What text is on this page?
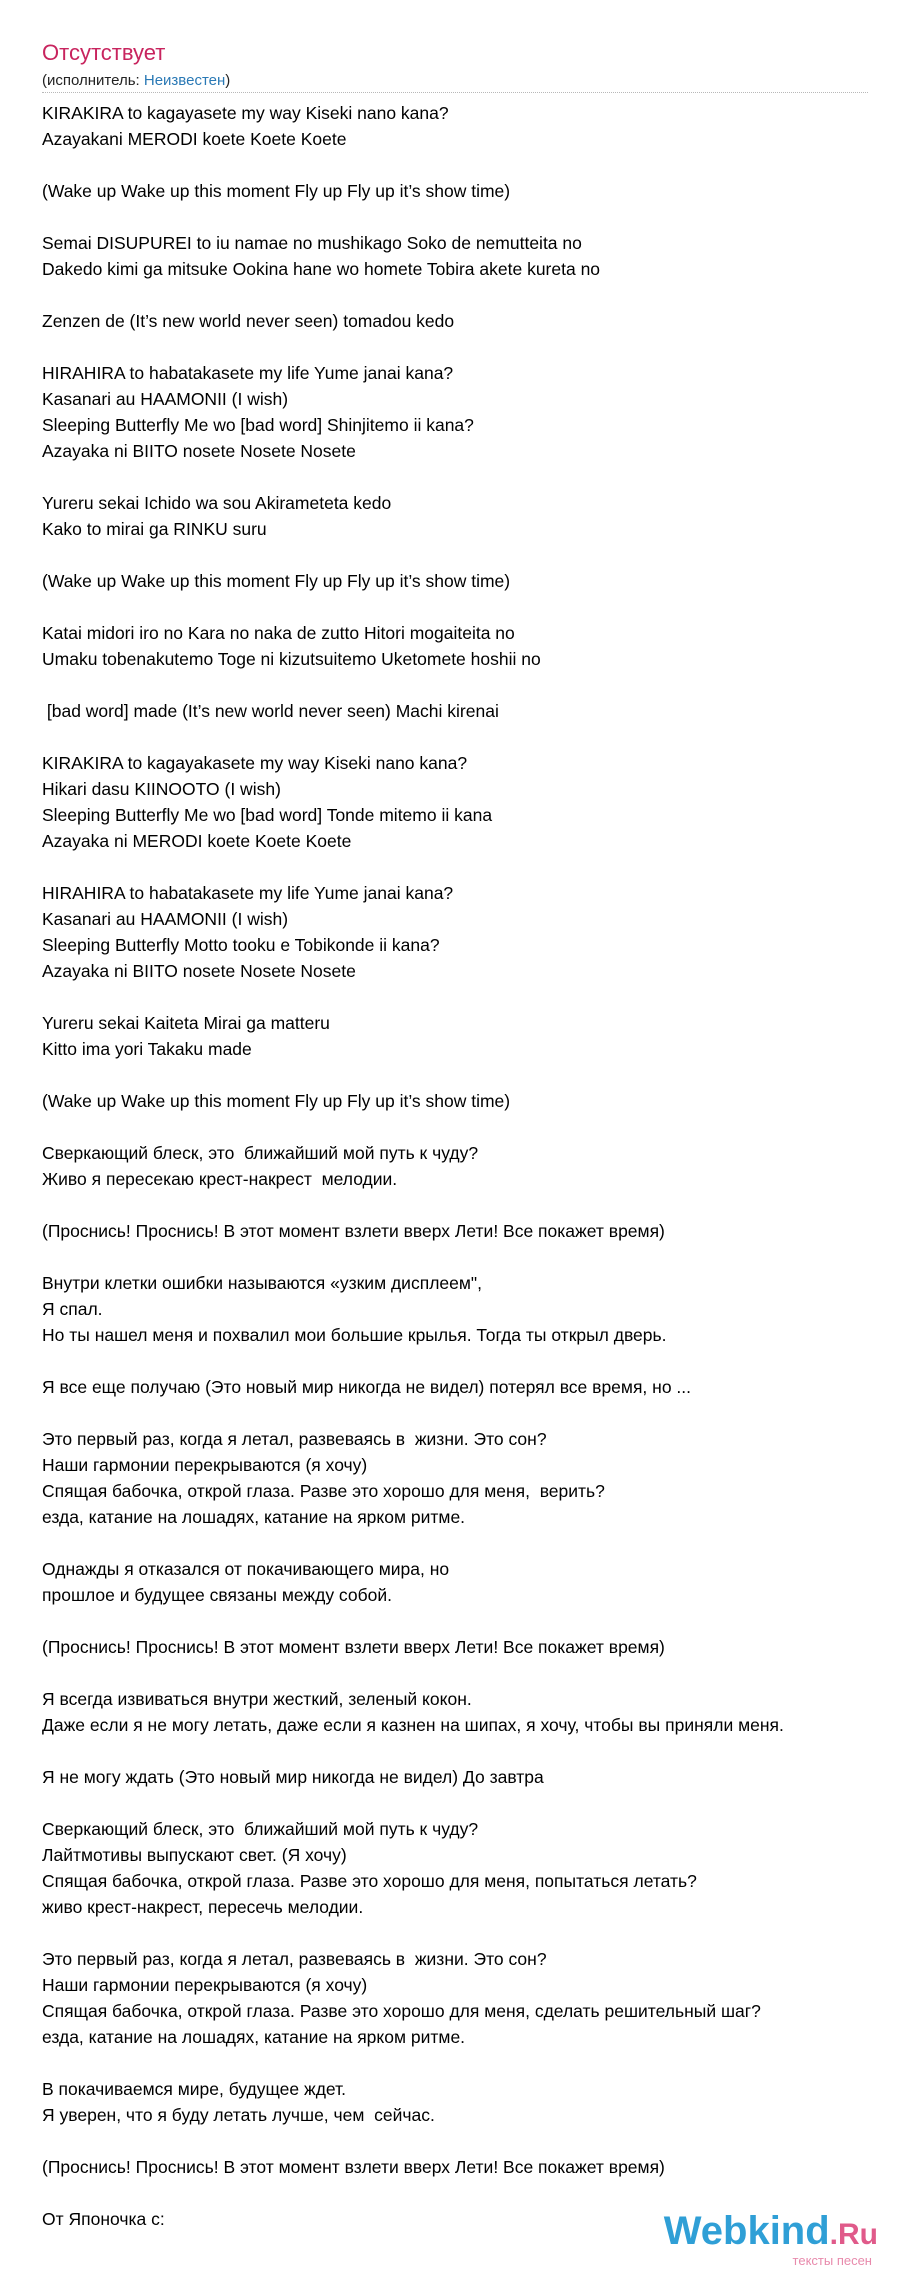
Отсутствует
(исполнитель: Неизвестен)
KIRAKIRA to kagayasete my way Kiseki nano kana?
Azayakani MERODI koete Koete Koete
(Wake up Wake up this moment Fly up Fly up it’s show time)
Semai DISUPUREI to iu namae no mushikago Soko de nemutteita no
Dakedo kimi ga mitsuke Ookina hane wo homete Tobira akete kureta no
Zenzen de (It’s new world never seen) tomadou kedo
HIRAHIRA to habatakasete my life Yume janai kana?
Kasanari au HAAMONII (I wish)
Sleeping Butterfly Me wo [bad word] Shinjitemo ii kana?
Azayaka ni BIITO nosete Nosete Nosete
Yureru sekai Ichido wa sou Akirameteta kedo
Kako to mirai ga RINKU suru
(Wake up Wake up this moment Fly up Fly up it’s show time)
Katai midori iro no Kara no naka de zutto Hitori mogaiteita no
Umaku tobenakutemo Toge ni kizutsuitemo Uketomete hoshii no
[bad word] made (It’s new world never seen) Machi kirenai
KIRAKIRA to kagayakasete my way Kiseki nano kana?
Hikari dasu KIINOOTO (I wish)
Sleeping Butterfly Me wo [bad word] Tonde mitemo ii kana
Azayaka ni MERODI koete Koete Koete
HIRAHIRA to habatakasete my life Yume janai kana?
Kasanari au HAAMONII (I wish)
Sleeping Butterfly Motto tooku e Tobikonde ii kana?
Azayaka ni BIITO nosete Nosete Nosete
Yureru sekai Kaiteta Mirai ga matteru
Kitto ima yori Takaku made
(Wake up Wake up this moment Fly up Fly up it’s show time)
Сверкающий блеск, это  ближайший мой путь к чуду?
Живо я пересекаю крест-накрест  мелодии.
(Проснись! Проснись! В этот момент взлети вверх Лети! Все покажет время)
Внутри клетки ошибки называются «узким дисплеем",
Я спал.
Но ты нашел меня и похвалил мои большие крылья. Тогда ты открыл дверь.
Я все еще получаю (Это новый мир никогда не видел) потерял все время, но ...
Это первый раз, когда я летал, развеваясь в  жизни. Это сон?
Наши гармонии перекрываются (я хочу)
Спящая бабочка, открой глаза. Разве это хорошо для меня,  верить?
езда, катание на лошадях, катание на ярком ритме.
Однажды я отказался от покачивающего мира, но
прошлое и будущее связаны между собой.
(Проснись! Проснись! В этот момент взлети вверх Лети! Все покажет время)
Я всегда извиваться внутри жесткий, зеленый кокон.
Даже если я не могу летать, даже если я казнен на шипах, я хочу, чтобы вы приняли меня.
Я не могу ждать (Это новый мир никогда не видел) До завтра
Сверкающий блеск, это  ближайший мой путь к чуду?
Лайтмотивы выпускают свет. (Я хочу)
Спящая бабочка, открой глаза. Разве это хорошо для меня, попытаться летать?
живо крест-накрест, пересечь мелодии.
Это первый раз, когда я летал, развеваясь в  жизни. Это сон?
Наши гармонии перекрываются (я хочу)
Спящая бабочка, открой глаза. Разве это хорошо для меня, сделать решительный шаг?
езда, катание на лошадях, катание на ярком ритме.
В покачиваемся мире, будущее ждет.
Я уверен, что я буду летать лучше, чем  сейчас.
(Проснись! Проснись! В этот момент взлети вверх Лети! Все покажет время)
От Японочка с:	Webkind.Ru
тексты песен
